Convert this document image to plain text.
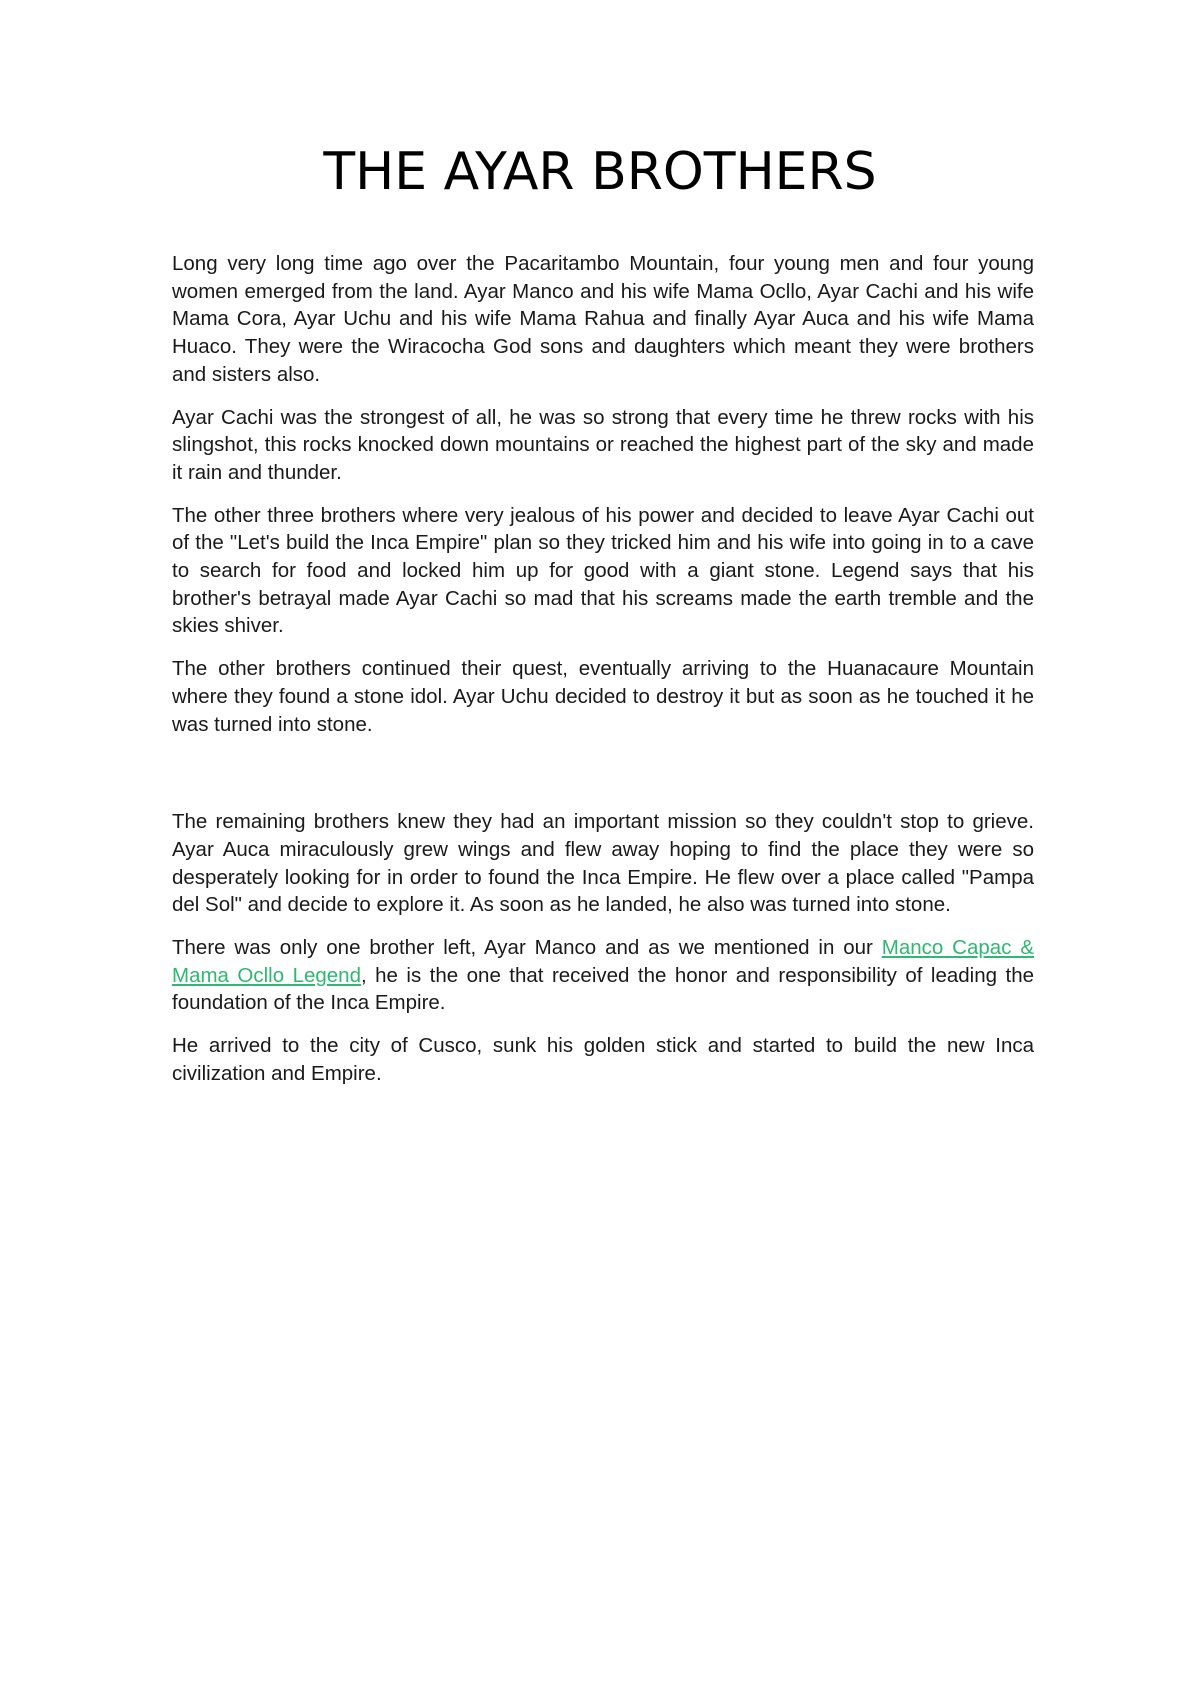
THE AYAR BROTHERS

Long very long time ago over the Pacaritambo Mountain, four young men and four young women emerged from the land. Ayar Manco and his wife Mama Ocllo, Ayar Cachi and his wife Mama Cora, Ayar Uchu and his wife Mama Rahua and finally Ayar Auca and his wife Mama Huaco. They were the Wiracocha God sons and daughters which meant they were brothers and sisters also.

Ayar Cachi was the strongest of all, he was so strong that every time he threw rocks with his slingshot, this rocks knocked down mountains or reached the highest part of the sky and made it rain and thunder.

The other three brothers where very jealous of his power and decided to leave Ayar Cachi out of the "Let's build the Inca Empire" plan so they tricked him and his wife into going in to a cave to search for food and locked him up for good with a giant stone. Legend says that his brother's betrayal made Ayar Cachi so mad that his screams made the earth tremble and the skies shiver.

The other brothers continued their quest, eventually arriving to the Huanacaure Mountain where they found a stone idol. Ayar Uchu decided to destroy it but as soon as he touched it he was turned into stone.

The remaining brothers knew they had an important mission so they couldn't stop to grieve. Ayar Auca miraculously grew wings and flew away hoping to find the place they were so desperately looking for in order to found the Inca Empire. He flew over a place called "Pampa del Sol" and decide to explore it. As soon as he landed, he also was turned into stone.

There was only one brother left, Ayar Manco and as we mentioned in our Manco Capac & Mama Ocllo Legend, he is the one that received the honor and responsibility of leading the foundation of the Inca Empire.

He arrived to the city of Cusco, sunk his golden stick and started to build the new Inca civilization and Empire.
